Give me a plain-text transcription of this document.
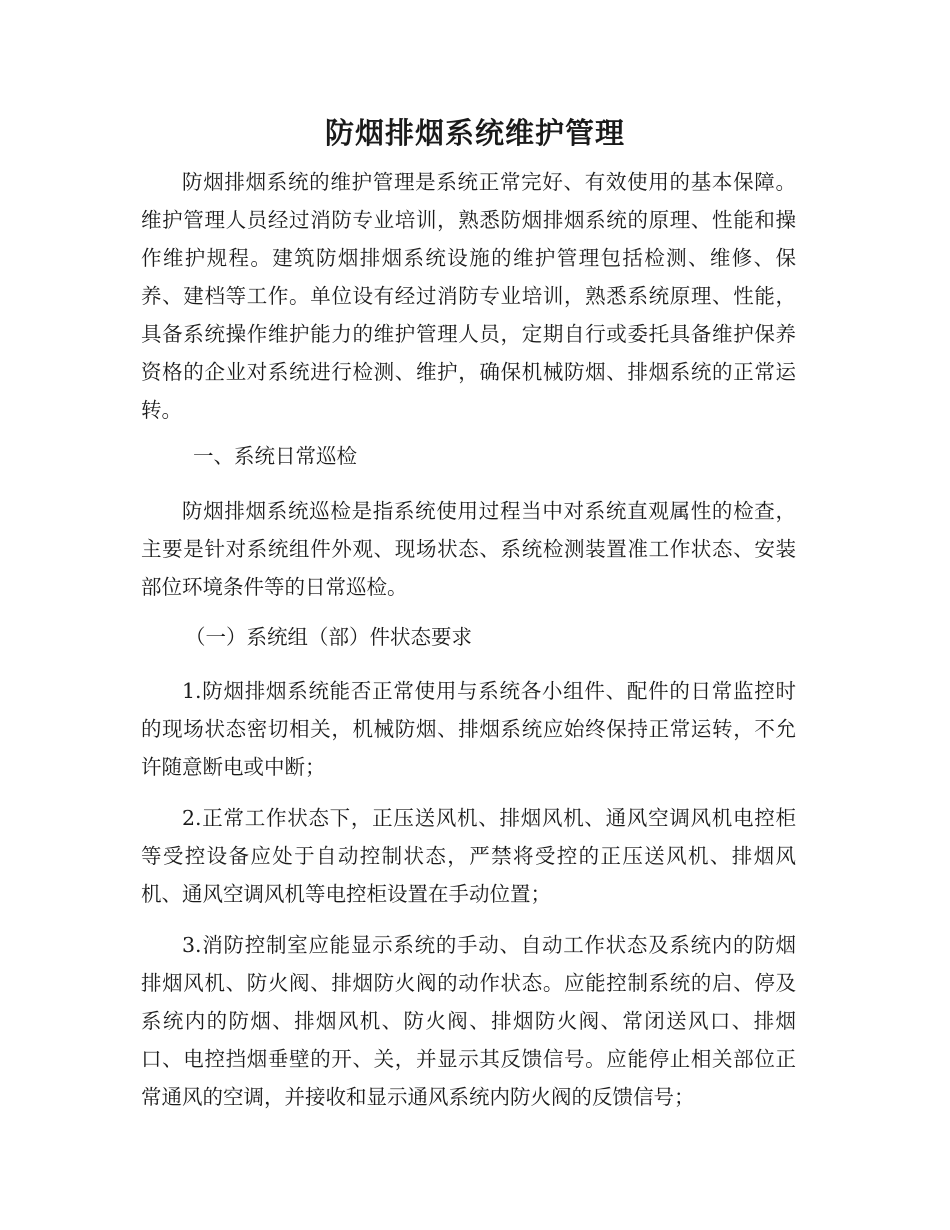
防烟排烟系统维护管理

防烟排烟系统的维护管理是系统正常完好、有效使用的基本保障。维护管理人员经过消防专业培训，熟悉防烟排烟系统的原理、性能和操作维护规程。建筑防烟排烟系统设施的维护管理包括检测、维修、保养、建档等工作。单位设有经过消防专业培训，熟悉系统原理、性能，具备系统操作维护能力的维护管理人员，定期自行或委托具备维护保养资格的企业对系统进行检测、维护，确保机械防烟、排烟系统的正常运转。

一、系统日常巡检

防烟排烟系统巡检是指系统使用过程当中对系统直观属性的检查，主要是针对系统组件外观、现场状态、系统检测装置准工作状态、安装部位环境条件等的日常巡检。

（一）系统组（部）件状态要求

1.防烟排烟系统能否正常使用与系统各小组件、配件的日常监控时的现场状态密切相关，机械防烟、排烟系统应始终保持正常运转，不允许随意断电或中断；

2.正常工作状态下，正压送风机、排烟风机、通风空调风机电控柜等受控设备应处于自动控制状态，严禁将受控的正压送风机、排烟风机、通风空调风机等电控柜设置在手动位置；

3.消防控制室应能显示系统的手动、自动工作状态及系统内的防烟排烟风机、防火阀、排烟防火阀的动作状态。应能控制系统的启、停及系统内的防烟、排烟风机、防火阀、排烟防火阀、常闭送风口、排烟口、电控挡烟垂壁的开、关，并显示其反馈信号。应能停止相关部位正常通风的空调，并接收和显示通风系统内防火阀的反馈信号；
